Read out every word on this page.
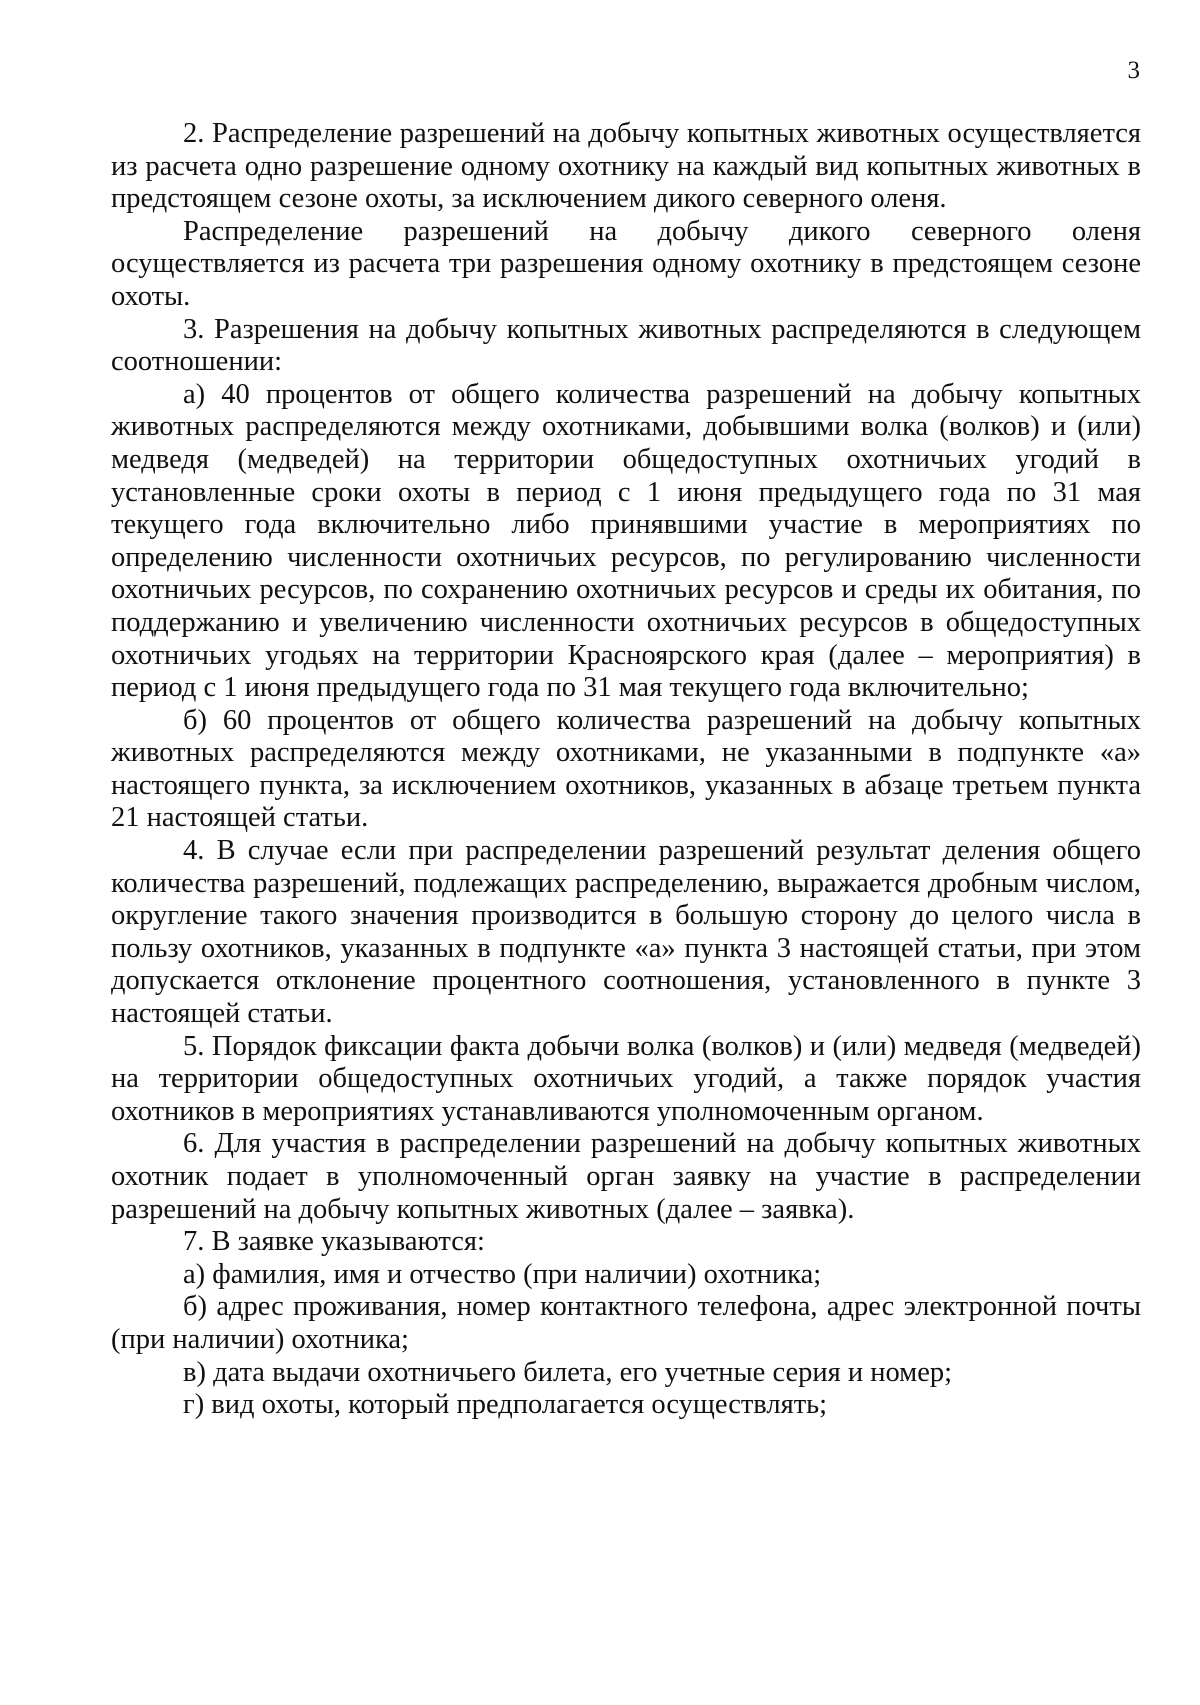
3

2. Распределение разрешений на добычу копытных животных осуществляется из расчета одно разрешение одному охотнику на каждый вид копытных животных в предстоящем сезоне охоты, за исключением дикого северного оленя.

Распределение разрешений на добычу дикого северного оленя осуществляется из расчета три разрешения одному охотнику в предстоящем сезоне охоты.

3. Разрешения на добычу копытных животных распределяются в следующем соотношении:

а) 40 процентов от общего количества разрешений на добычу копытных животных распределяются между охотниками, добывшими волка (волков) и (или) медведя (медведей) на территории общедоступных охотничьих угодий в установленные сроки охоты в период с 1 июня предыдущего года по 31 мая текущего года включительно либо принявшими участие в мероприятиях по определению численности охотничьих ресурсов, по регулированию численности охотничьих ресурсов, по сохранению охотничьих ресурсов и среды их обитания, по поддержанию и увеличению численности охотничьих ресурсов в общедоступных охотничьих угодьях на территории Красноярского края (далее – мероприятия) в период с 1 июня предыдущего года по 31 мая текущего года включительно;

б) 60 процентов от общего количества разрешений на добычу копытных животных распределяются между охотниками, не указанными в подпункте «а» настоящего пункта, за исключением охотников, указанных в абзаце третьем пункта 21 настоящей статьи.

4. В случае если при распределении разрешений результат деления общего количества разрешений, подлежащих распределению, выражается дробным числом, округление такого значения производится в большую сторону до целого числа в пользу охотников, указанных в подпункте «а» пункта 3 настоящей статьи, при этом допускается отклонение процентного соотношения, установленного в пункте 3 настоящей статьи.

5. Порядок фиксации факта добычи волка (волков) и (или) медведя (медведей) на территории общедоступных охотничьих угодий, а также порядок участия охотников в мероприятиях устанавливаются уполномоченным органом.

6. Для участия в распределении разрешений на добычу копытных животных охотник подает в уполномоченный орган заявку на участие в распределении разрешений на добычу копытных животных (далее – заявка).

7. В заявке указываются:

а) фамилия, имя и отчество (при наличии) охотника;

б) адрес проживания, номер контактного телефона, адрес электронной почты (при наличии) охотника;

в) дата выдачи охотничьего билета, его учетные серия и номер;

г) вид охоты, который предполагается осуществлять;
